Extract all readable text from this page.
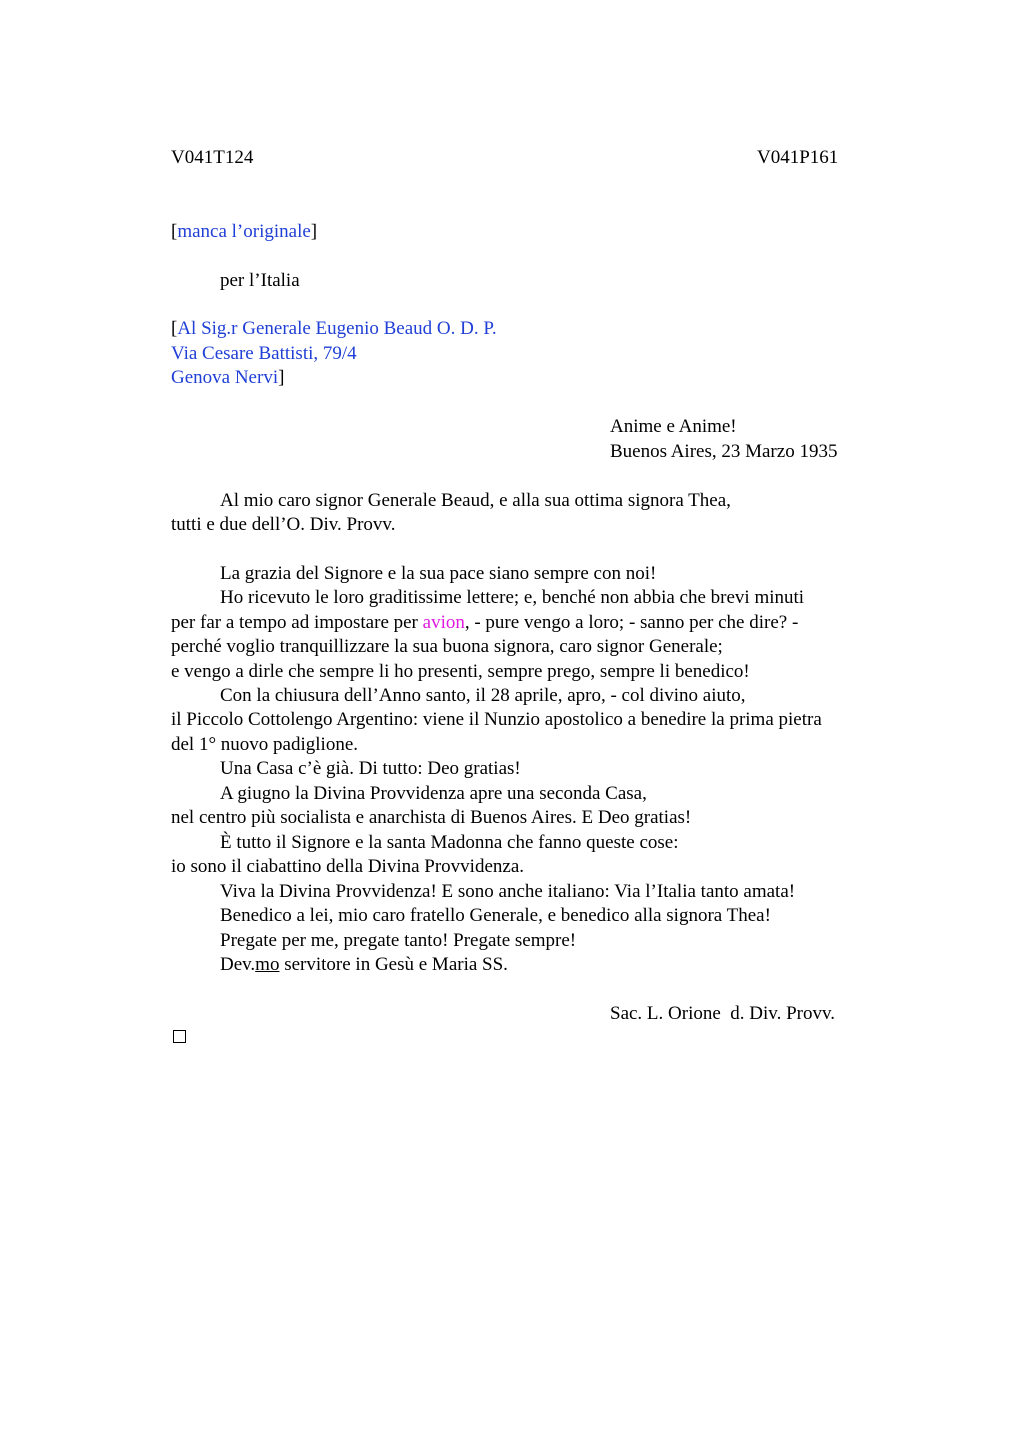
V041T124	V041P161
[manca l’originale]
per l’Italia
[Al Sig.r Generale Eugenio Beaud O. D. P.
Via Cesare Battisti, 79/4
Genova Nervi]
Anime e Anime!
Buenos Aires, 23 Marzo 1935
Al mio caro signor Generale Beaud, e alla sua ottima signora Thea,
tutti e due dell’O. Div. Provv.
La grazia del Signore e la sua pace siano sempre con noi!
Ho ricevuto le loro graditissime lettere; e, benché non abbia che brevi minuti
per far a tempo ad impostare per avion, - pure vengo a loro; - sanno per che dire? -
perché voglio tranquillizzare la sua buona signora, caro signor Generale;
e vengo a dirle che sempre li ho presenti, sempre prego, sempre li benedico!
Con la chiusura dell’Anno santo, il 28 aprile, apro, - col divino aiuto,
il Piccolo Cottolengo Argentino: viene il Nunzio apostolico a benedire la prima pietra
del 1° nuovo padiglione.
Una Casa c’è già. Di tutto: Deo gratias!
A giugno la Divina Provvidenza apre una seconda Casa,
nel centro più socialista e anarchista di Buenos Aires. E Deo gratias!
È tutto il Signore e la santa Madonna che fanno queste cose:
io sono il ciabattino della Divina Provvidenza.
Viva la Divina Provvidenza! E sono anche italiano: Via l’Italia tanto amata!
Benedico a lei, mio caro fratello Generale, e benedico alla signora Thea!
Pregate per me, pregate tanto! Pregate sempre!
Dev.mo servitore in Gesù e Maria SS.
Sac. L. Orione  d. Div. Provv.
